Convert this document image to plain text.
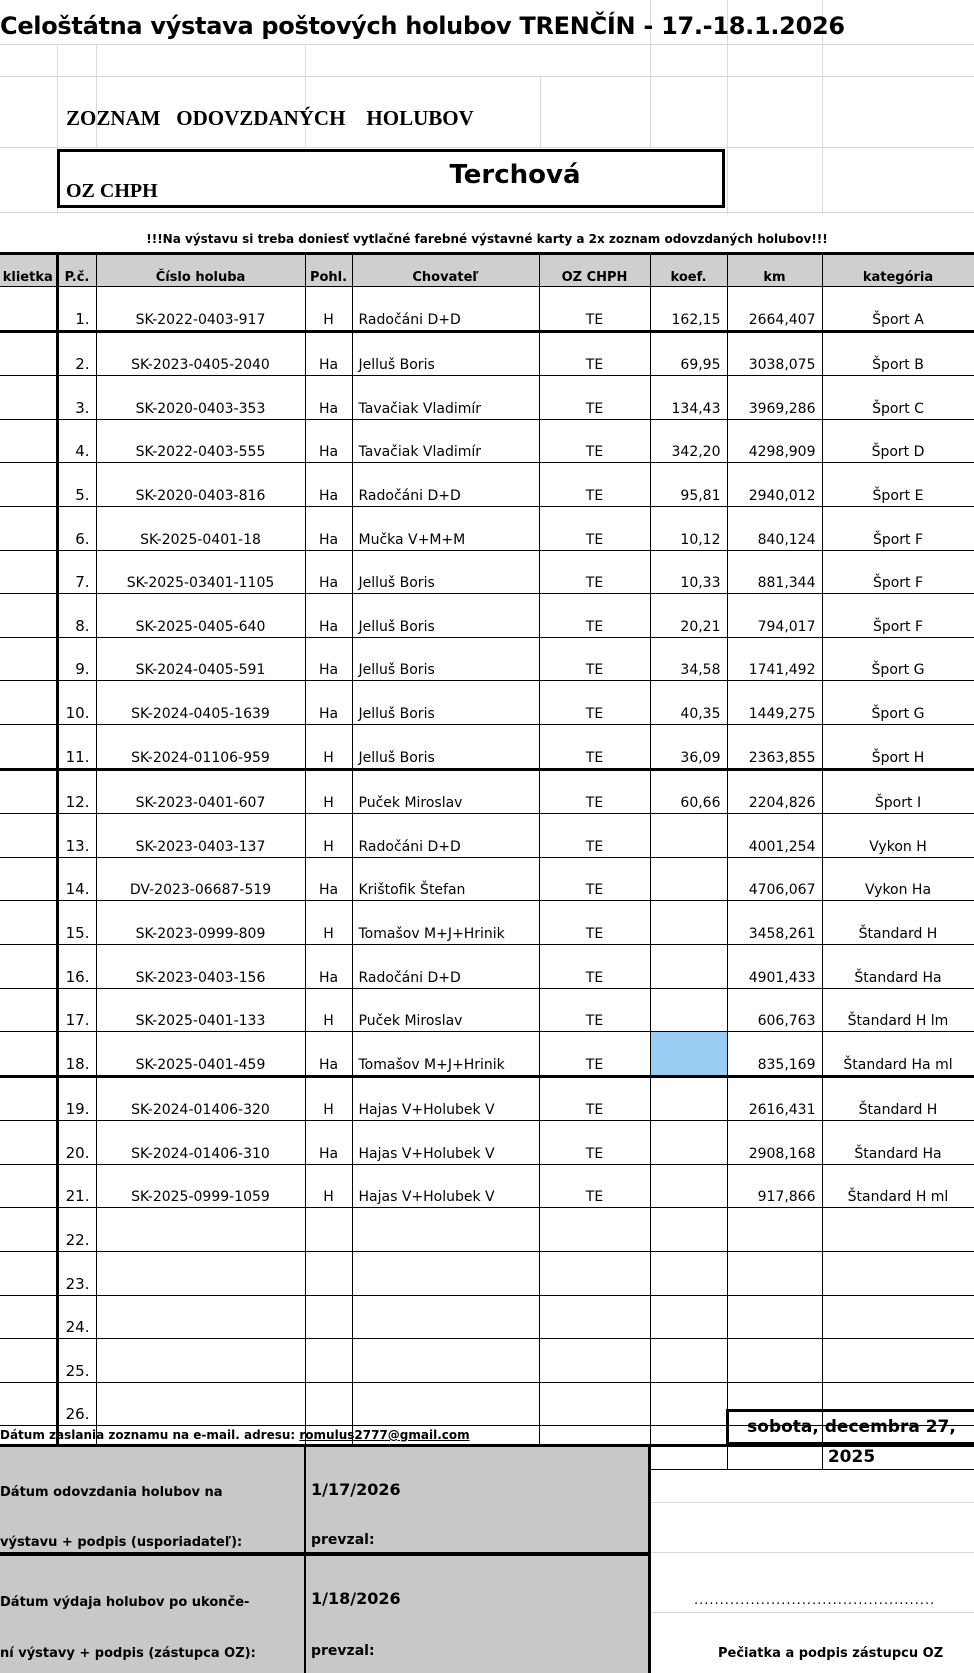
Celoštátna výstava poštových holubov TRENČÍN - 17.-18.1.2026
ZOZNAM   ODOVZDANÝCH    HOLUBOV
OZ CHPH
Terchová
!!!Na výstavu si treba doniesť vytlačné farebné výstavné karty a 2x zoznam odovzdaných holubov!!!
klietka	P.č.	Číslo holuba	Pohl.	Chovateľ	OZ CHPH	koef.	km	kategória
	1.	SK-2022-0403-917	H	Radočáni D+D	TE	162,15	2664,407	Šport A
	2.	SK-2023-0405-2040	Ha	Jelluš Boris	TE	69,95	3038,075	Šport B
	3.	SK-2020-0403-353	Ha	Tavačiak Vladimír	TE	134,43	3969,286	Šport C
	4.	SK-2022-0403-555	Ha	Tavačiak Vladimír	TE	342,20	4298,909	Šport D
	5.	SK-2020-0403-816	Ha	Radočáni D+D	TE	95,81	2940,012	Šport E
	6.	SK-2025-0401-18	Ha	Mučka V+M+M	TE	10,12	840,124	Šport F
	7.	SK-2025-03401-1105	Ha	Jelluš Boris	TE	10,33	881,344	Šport F
	8.	SK-2025-0405-640	Ha	Jelluš Boris	TE	20,21	794,017	Šport F
	9.	SK-2024-0405-591	Ha	Jelluš Boris	TE	34,58	1741,492	Šport G
	10.	SK-2024-0405-1639	Ha	Jelluš Boris	TE	40,35	1449,275	Šport G
	11.	SK-2024-01106-959	H	Jelluš Boris	TE	36,09	2363,855	Šport H
	12.	SK-2023-0401-607	H	Puček Miroslav	TE	60,66	2204,826	Šport I
	13.	SK-2023-0403-137	H	Radočáni D+D	TE		4001,254	Vykon H
	14.	DV-2023-06687-519	Ha	Krištofik Štefan	TE		4706,067	Vykon Ha
	15.	SK-2023-0999-809	H	Tomašov M+J+Hrinik	TE		3458,261	Štandard H
	16.	SK-2023-0403-156	Ha	Radočáni D+D	TE		4901,433	Štandard Ha
	17.	SK-2025-0401-133	H	Puček Miroslav	TE		606,763	Štandard H lm
	18.	SK-2025-0401-459	Ha	Tomašov M+J+Hrinik	TE		835,169	Štandard Ha ml
	19.	SK-2024-01406-320	H	Hajas V+Holubek V	TE		2616,431	Štandard H
	20.	SK-2024-01406-310	Ha	Hajas V+Holubek V	TE		2908,168	Štandard Ha
	21.	SK-2025-0999-1059	H	Hajas V+Holubek V	TE		917,866	Štandard H ml
	22.							
	23.							
	24.							
	25.							
	26.							

Dátum zaslania zoznamu na e-mail. adresu: romulus2777@gmail.com	sobota, decembra 27, 2025
Dátum odovzdania holubov na
výstavu + podpis (usporiadateľ):
1/17/2026
prevzal:
Dátum výdaja holubov po ukonče-
ní výstavy + podpis (zástupca OZ):
1/18/2026
prevzal:
...............................................
Pečiatka a podpis zástupcu OZ
